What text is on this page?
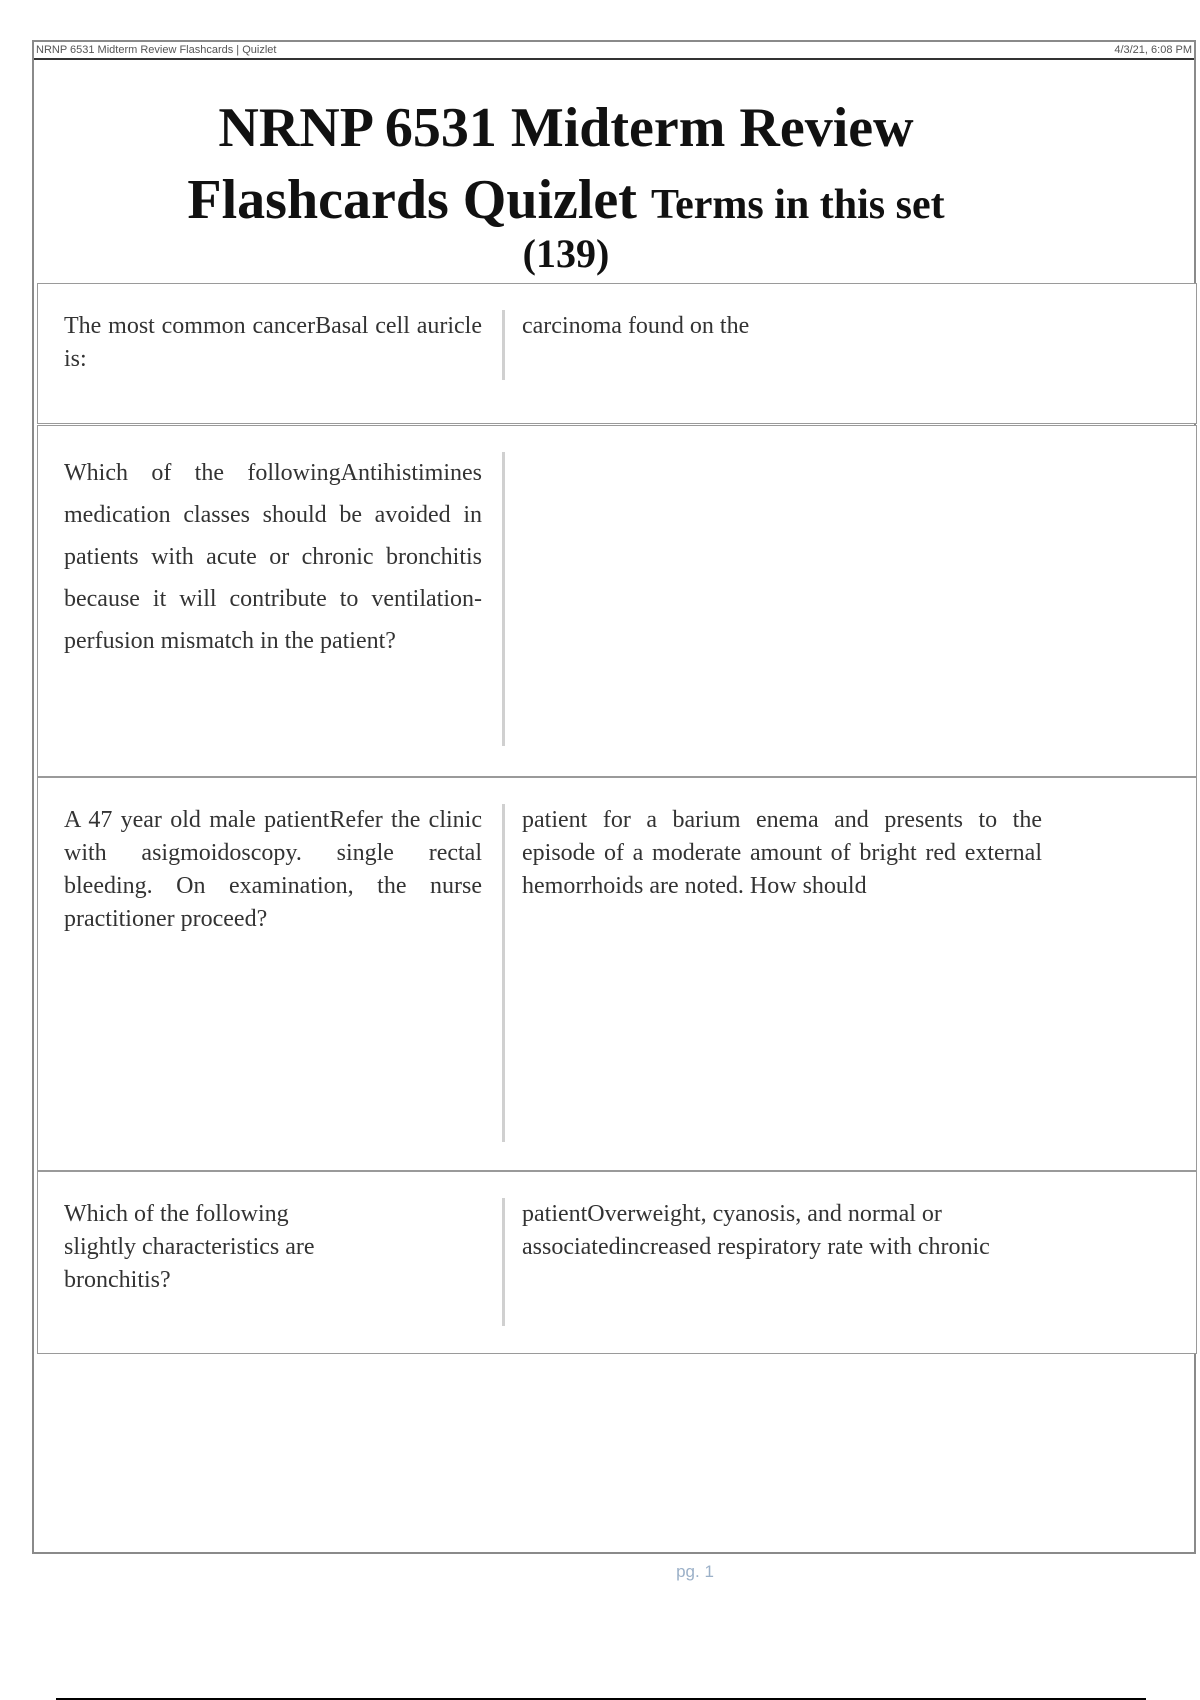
NRNP 6531 Midterm Review Flashcards | Quizlet	4/3/21, 6:08 PM
NRNP 6531 Midterm Review
Flashcards Quizlet Terms in this set
(139)
The most common cancerBasal cell auricle is:
carcinoma found on the
Which of the followingAntihistimines medication classes should be avoided in patients with acute or chronic bronchitis because it will contribute to ventilation-perfusion mismatch in the patient?
A 47 year old male patientRefer the clinic with asigmoidoscopy. single rectal bleeding. On examination, the nurse practitioner proceed?
patient for a barium enema and presents to the episode of a moderate amount of bright red external hemorrhoids are noted. How should
Which of the following slightly characteristics are bronchitis?
patientOverweight, cyanosis, and normal or associatedincreased respiratory rate with chronic
pg. 1
